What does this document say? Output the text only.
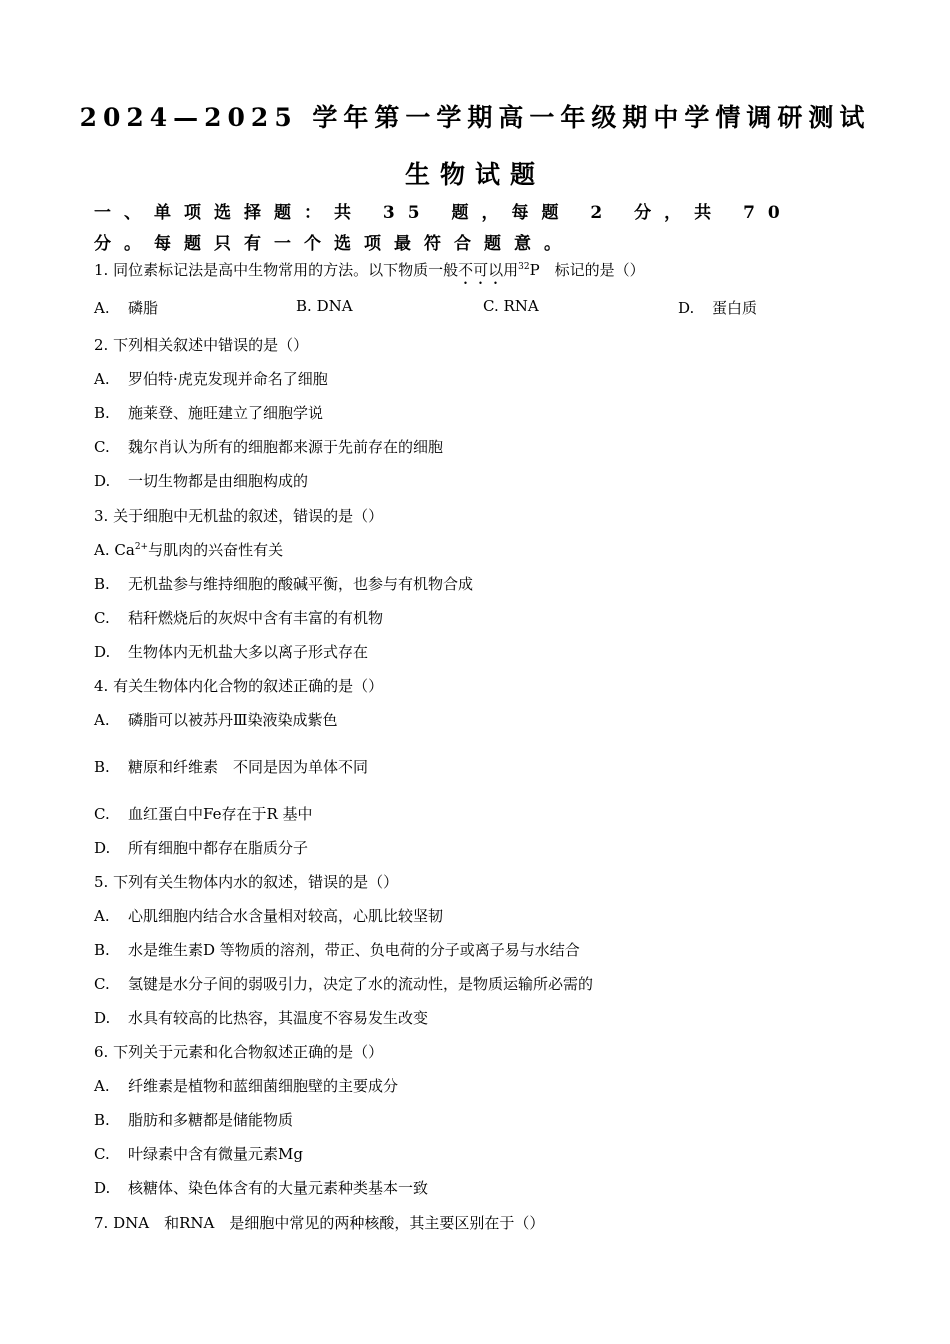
2024—2025 学年第一学期高一年级期中学情调研测试
生物试题
一、单项选择题：共 35 题，每题 2 分，共 70 分。每题只有一个选项最符合题意。
1. 同位素标记法是高中生物常用的方法。以下物质一般不可以用$^{32}$P　标记的是（）
A. 磷脂	B. DNA	C. RNA	D. 蛋白质
2. 下列相关叙述中错误的是（）
A. 罗伯特·虎克发现并命名了细胞
B. 施莱登、施旺建立了细胞学说
C. 魏尔肖认为所有的细胞都来源于先前存在的细胞
D. 一切生物都是由细胞构成的
3. 关于细胞中无机盐的叙述，错误的是（）
A. $Ca^{2+}$与肌肉的兴奋性有关
B. 无机盐参与维持细胞的酸碱平衡，也参与有机物合成
C. 秸秆燃烧后的灰烬中含有丰富的有机物
D. 生物体内无机盐大多以离子形式存在
4. 有关生物体内化合物的叙述正确的是（）
A. 磷脂可以被苏丹Ⅲ染液染成紫色
B. 糖原和纤维素　不同是因为单体不同
C. 血红蛋白中Fe存在于R 基中
D. 所有细胞中都存在脂质分子
5. 下列有关生物体内水的叙述，错误的是（）
A. 心肌细胞内结合水含量相对较高，心肌比较坚韧
B. 水是维生素D 等物质的溶剂，带正、负电荷的分子或离子易与水结合
C. 氢键是水分子间的弱吸引力，决定了水的流动性，是物质运输所必需的
D. 水具有较高的比热容，其温度不容易发生改变
6. 下列关于元素和化合物叙述正确的是（）
A. 纤维素是植物和蓝细菌细胞壁的主要成分
B. 脂肪和多糖都是储能物质
C. 叶绿素中含有微量元素Mg
D. 核糖体、染色体含有的大量元素种类基本一致
7. DNA　和RNA　是细胞中常见的两种核酸，其主要区别在于（）
